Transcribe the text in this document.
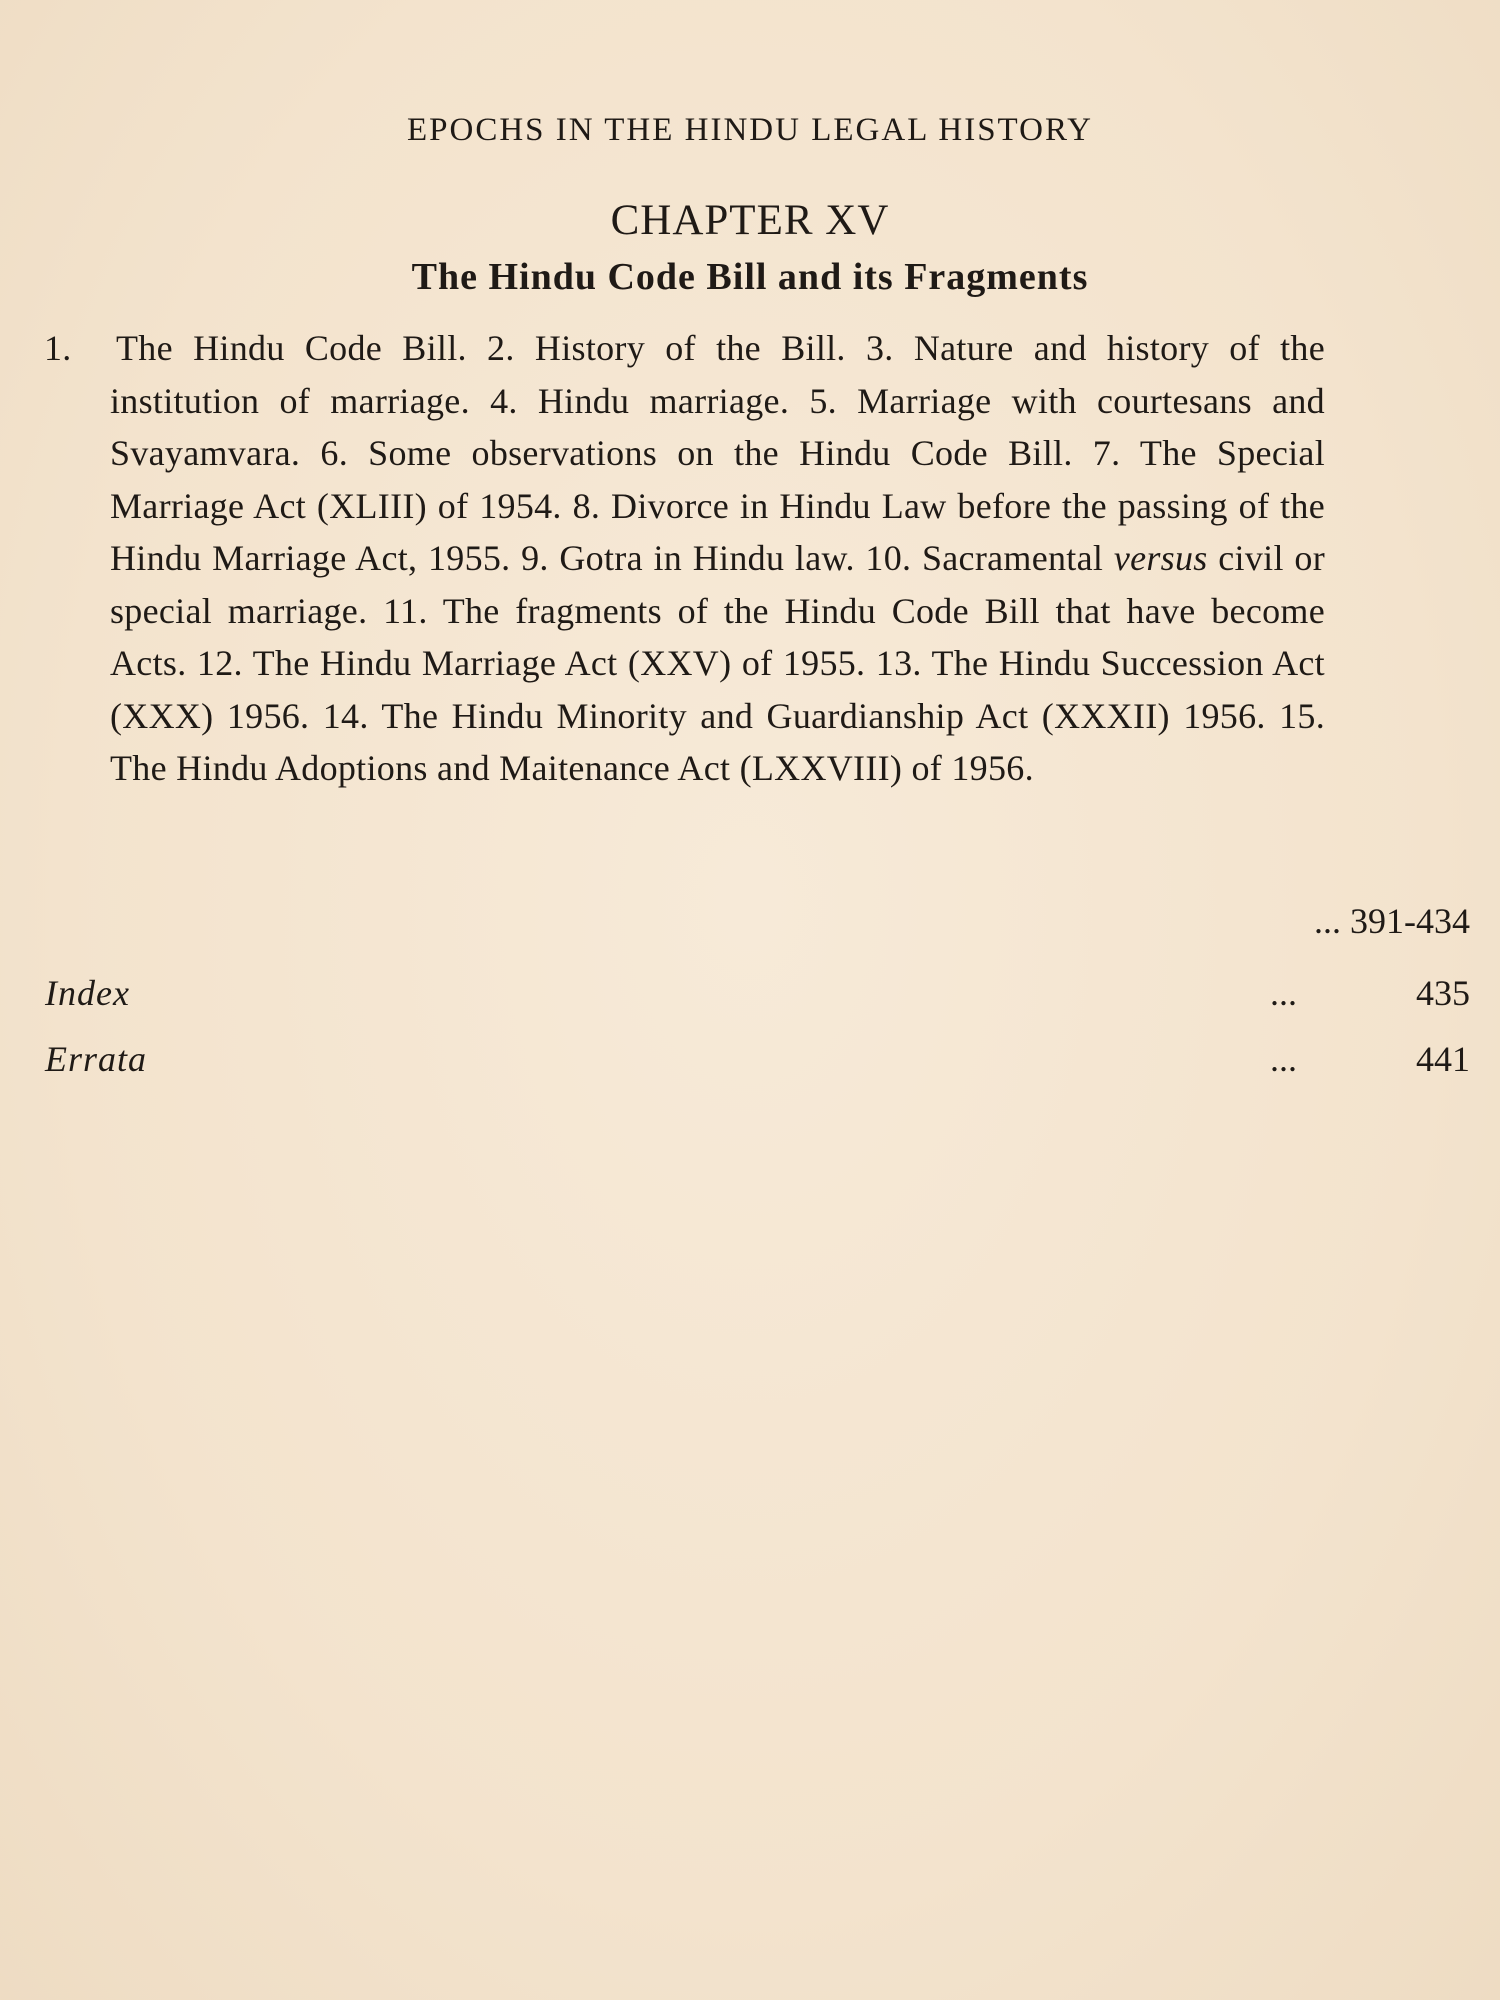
EPOCHS IN THE HINDU LEGAL HISTORY
CHAPTER XV
The Hindu Code Bill and its Fragments
1. The Hindu Code Bill. 2. History of the Bill. 3. Nature and history of the institution of marriage. 4. Hindu marriage. 5. Marriage with courtesans and Svayamvara. 6. Some observations on the Hindu Code Bill. 7. The Special Marriage Act (XLIII) of 1954. 8. Divorce in Hindu Law before the passing of the Hindu Marriage Act, 1955. 9. Gotra in Hindu law. 10. Sacramental versus civil or special marriage. 11. The fragments of the Hindu Code Bill that have become Acts. 12. The Hindu Marriage Act (XXV) of 1955. 13. The Hindu Succession Act (XXX) 1956. 14. The Hindu Minority and Guardianship Act (XXXII) 1956. 15. The Hindu Adoptions and Maitenance Act (LXXVIII) of 1956.
... 391-434
Index	...	435
Errata	...	441
